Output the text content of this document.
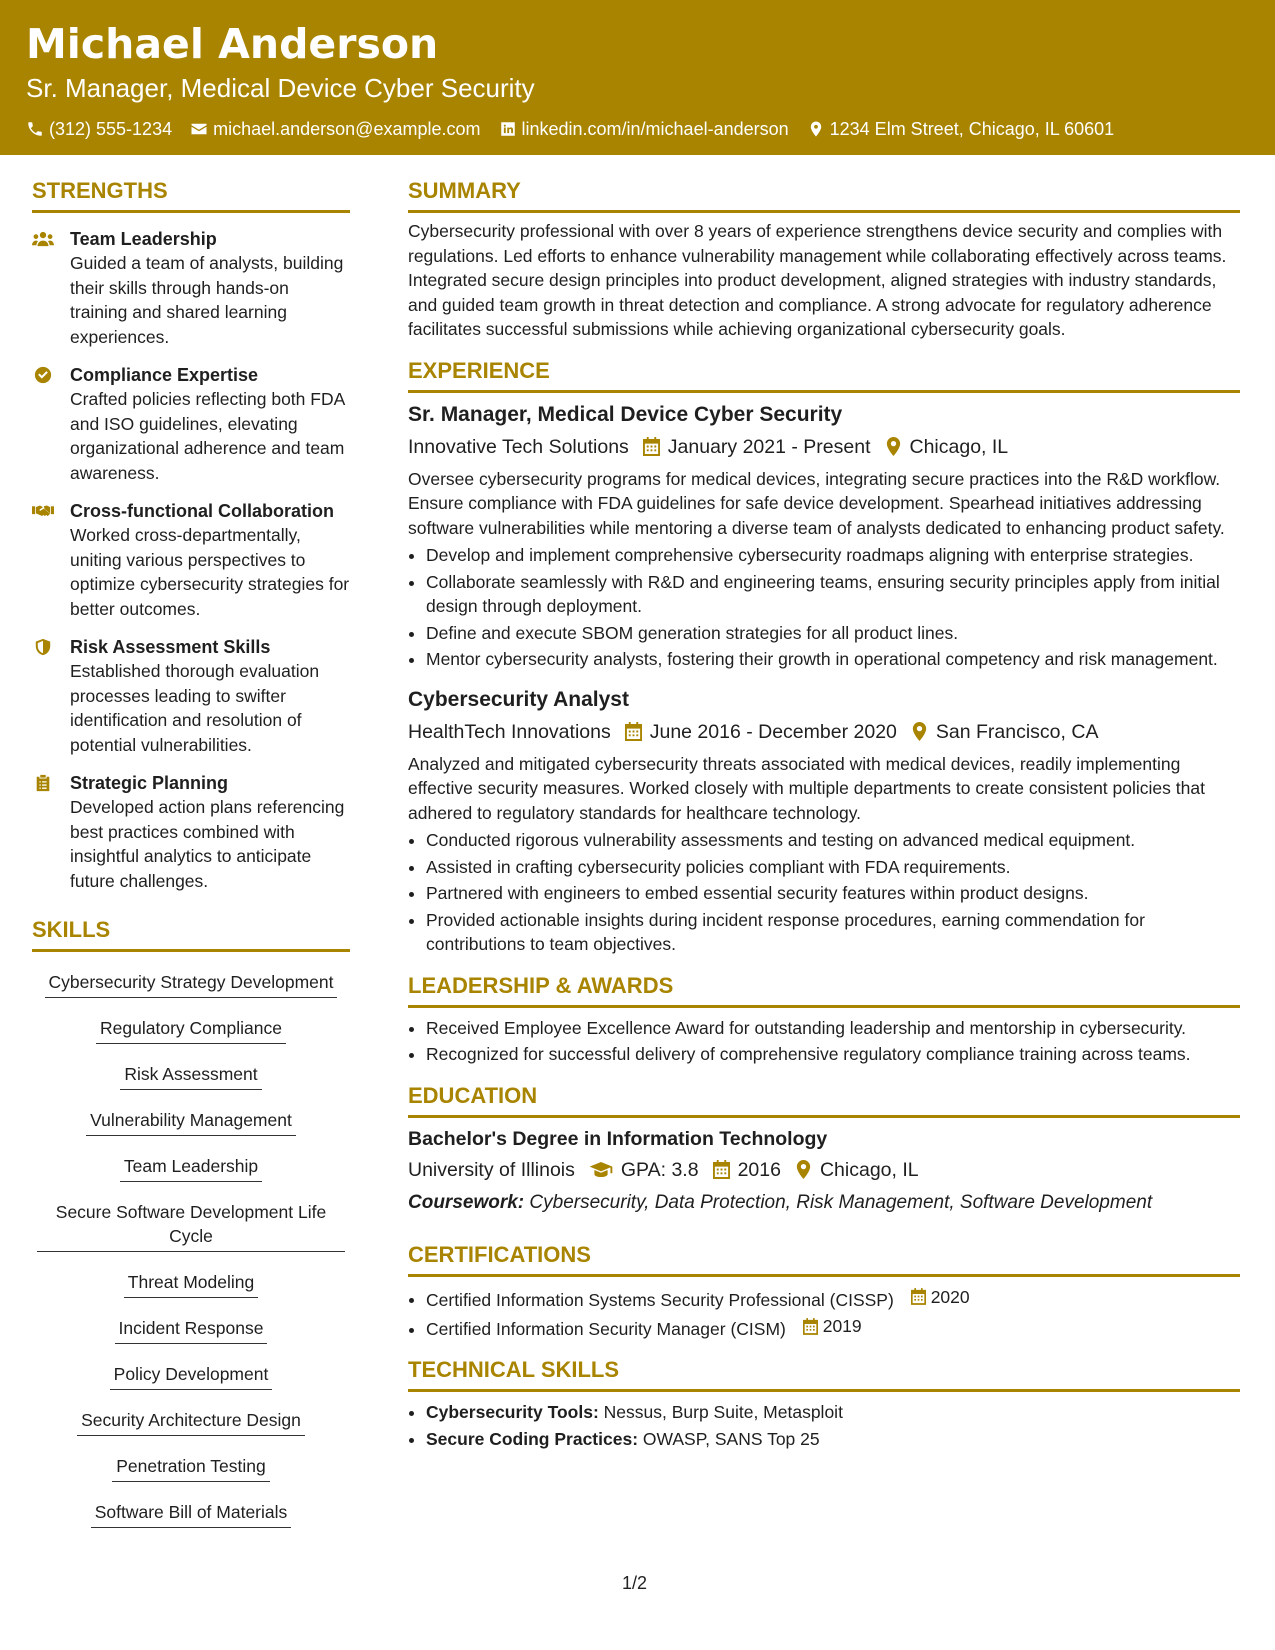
Michael Anderson
Sr. Manager, Medical Device Cyber Security
(312) 555-1234 michael.anderson@example.com linkedin.com/in/michael-anderson 1234 Elm Street, Chicago, IL 60601
STRENGTHS
Team Leadership
Guided a team of analysts, building their skills through hands-on training and shared learning experiences.
Compliance Expertise
Crafted policies reflecting both FDA and ISO guidelines, elevating organizational adherence and team awareness.
Cross-functional Collaboration
Worked cross-departmentally, uniting various perspectives to optimize cybersecurity strategies for better outcomes.
Risk Assessment Skills
Established thorough evaluation processes leading to swifter identification and resolution of potential vulnerabilities.
Strategic Planning
Developed action plans referencing best practices combined with insightful analytics to anticipate future challenges.
SKILLS
Cybersecurity Strategy Development
Regulatory Compliance
Risk Assessment
Vulnerability Management
Team Leadership
Secure Software Development Life Cycle
Threat Modeling
Incident Response
Policy Development
Security Architecture Design
Penetration Testing
Software Bill of Materials
SUMMARY
Cybersecurity professional with over 8 years of experience strengthens device security and complies with regulations. Led efforts to enhance vulnerability management while collaborating effectively across teams. Integrated secure design principles into product development, aligned strategies with industry standards, and guided team growth in threat detection and compliance. A strong advocate for regulatory adherence facilitates successful submissions while achieving organizational cybersecurity goals.
EXPERIENCE
Sr. Manager, Medical Device Cyber Security
Innovative Tech Solutions January 2021 - Present Chicago, IL
Oversee cybersecurity programs for medical devices, integrating secure practices into the R&D workflow. Ensure compliance with FDA guidelines for safe device development. Spearhead initiatives addressing software vulnerabilities while mentoring a diverse team of analysts dedicated to enhancing product safety.
• Develop and implement comprehensive cybersecurity roadmaps aligning with enterprise strategies.
• Collaborate seamlessly with R&D and engineering teams, ensuring security principles apply from initial design through deployment.
• Define and execute SBOM generation strategies for all product lines.
• Mentor cybersecurity analysts, fostering their growth in operational competency and risk management.
Cybersecurity Analyst
HealthTech Innovations June 2016 - December 2020 San Francisco, CA
Analyzed and mitigated cybersecurity threats associated with medical devices, readily implementing effective security measures. Worked closely with multiple departments to create consistent policies that adhered to regulatory standards for healthcare technology.
• Conducted rigorous vulnerability assessments and testing on advanced medical equipment.
• Assisted in crafting cybersecurity policies compliant with FDA requirements.
• Partnered with engineers to embed essential security features within product designs.
• Provided actionable insights during incident response procedures, earning commendation for contributions to team objectives.
LEADERSHIP & AWARDS
• Received Employee Excellence Award for outstanding leadership and mentorship in cybersecurity.
• Recognized for successful delivery of comprehensive regulatory compliance training across teams.
EDUCATION
Bachelor's Degree in Information Technology
University of Illinois GPA: 3.8 2016 Chicago, IL
Coursework: Cybersecurity, Data Protection, Risk Management, Software Development
CERTIFICATIONS
• Certified Information Systems Security Professional (CISSP) 2020
• Certified Information Security Manager (CISM) 2019
TECHNICAL SKILLS
• Cybersecurity Tools: Nessus, Burp Suite, Metasploit
• Secure Coding Practices: OWASP, SANS Top 25
1/2
